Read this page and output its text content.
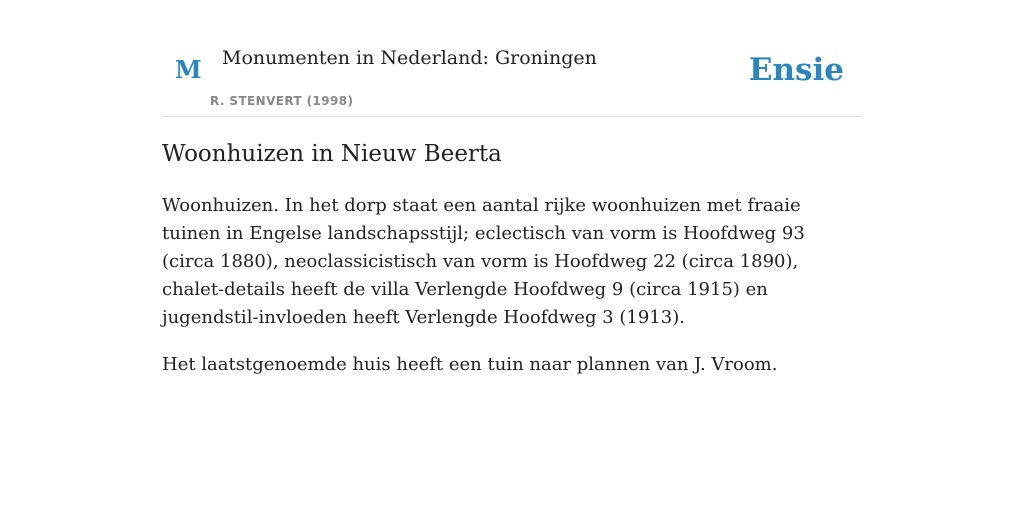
M Monumenten in Nederland: Groningen
R. STENVERT (1998)
Ensie
Woonhuizen in Nieuw Beerta

Woonhuizen. In het dorp staat een aantal rijke woonhuizen met fraaie tuinen in Engelse landschapsstijl; eclectisch van vorm is Hoofdweg 93 (circa 1880), neoclassicistisch van vorm is Hoofdweg 22 (circa 1890), chalet-details heeft de villa Verlengde Hoofdweg 9 (circa 1915) en jugendstil-invloeden heeft Verlengde Hoofdweg 3 (1913).

Het laatstgenoemde huis heeft een tuin naar plannen van J. Vroom.
